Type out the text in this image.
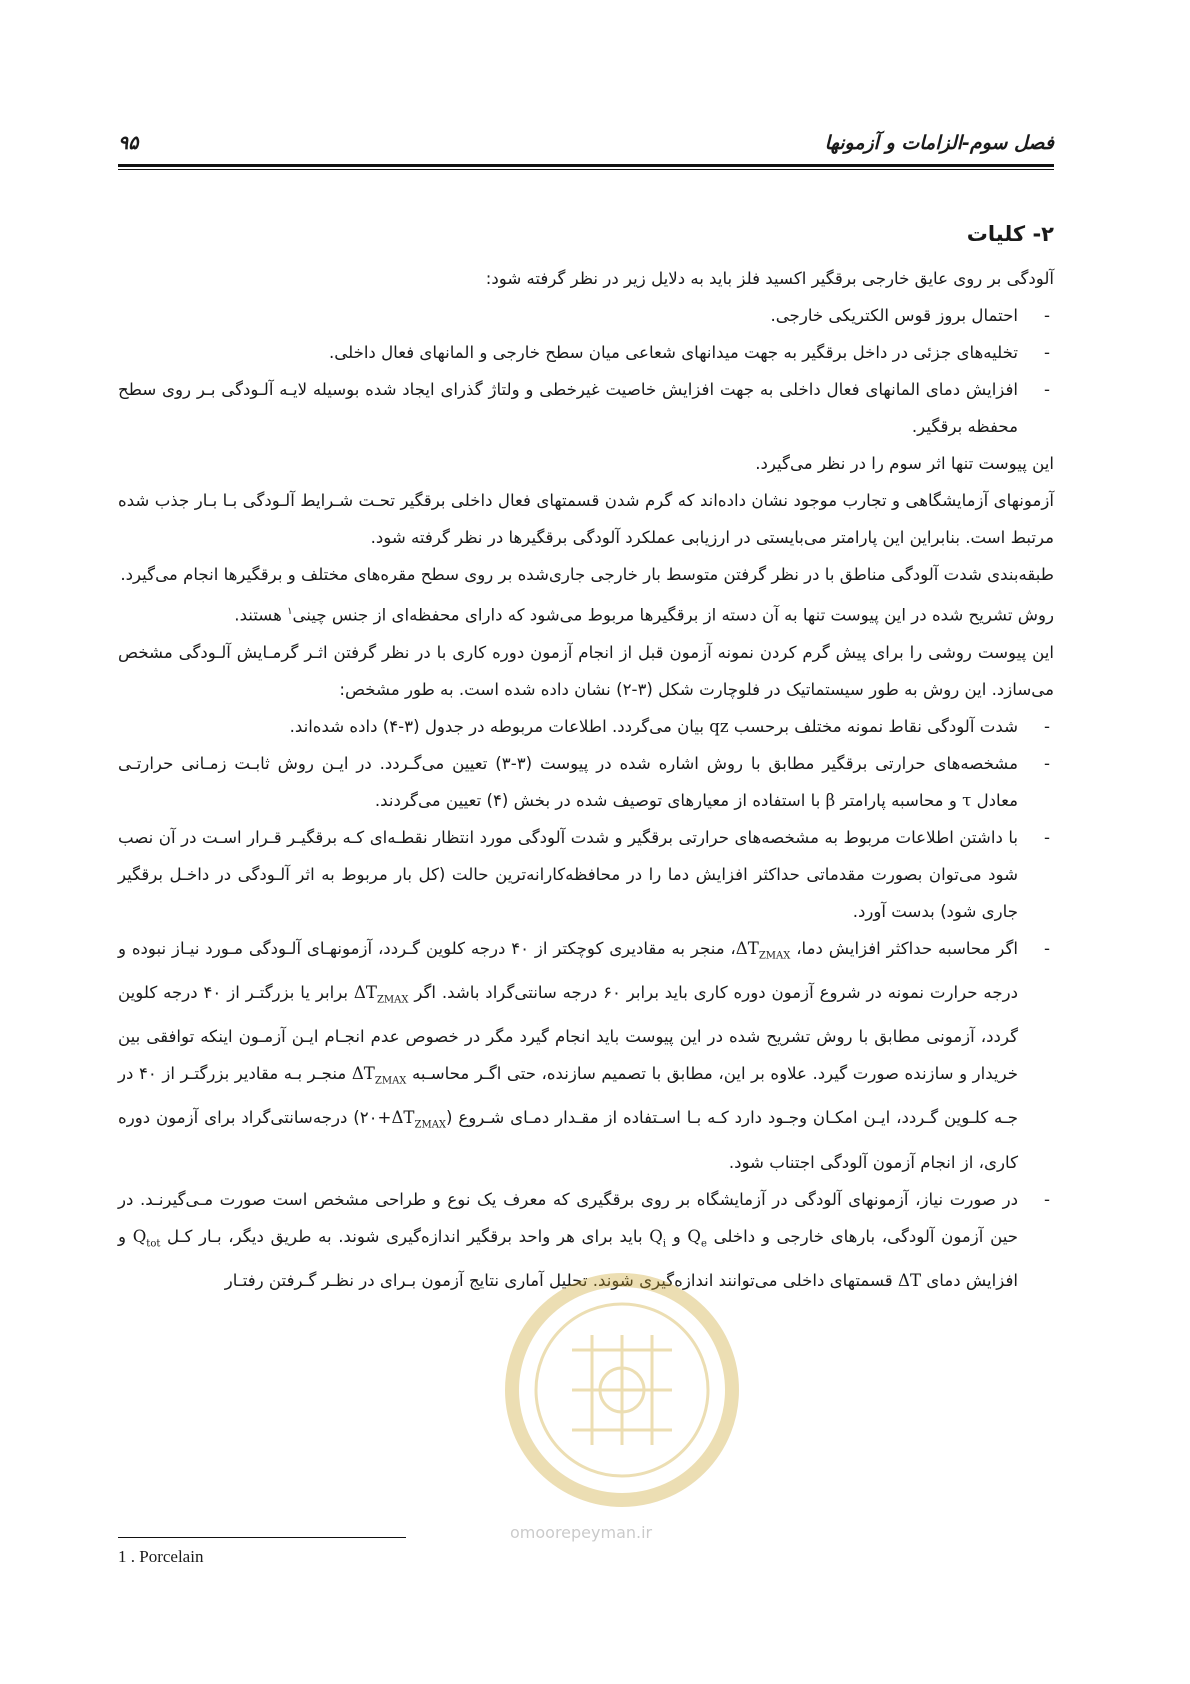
فصل سوم-الزامات و آزمونها
۹۵
۲- کلیات

آلودگی بر روی عایق خارجی برقگیر اکسید فلز باید به دلایل زیر در نظر گرفته شود:

-
احتمال بروز قوس الکتریکی خارجی.

-
تخلیه‌های جزئی در داخل برقگیر به جهت میدانهای شعاعی میان سطح خارجی و المانهای فعال داخلی.

-
افزایش دمای المانهای فعال داخلی به جهت افزایش خاصیت غیرخطی و ولتاژ گذرای ایجاد شده بوسیله لایـه آلـودگی بـر روی سطح محفظه برقگیر.

این پیوست تنها اثر سوم را در نظر می‌گیرد.

آزمونهای آزمایشگاهی و تجارب موجود نشان داده‌اند که گرم شدن قسمتهای فعال داخلی برقگیر تحـت شـرایط آلـودگی بـا بـار جذب شده مرتبط است. بنابراین این پارامتر می‌بایستی در ارزیابی عملکرد آلودگی برقگیرها در نظر گرفته شود.

طبقه‌بندی شدت آلودگی مناطق با در نظر گرفتن متوسط بار خارجی جاری‌شده بر روی سطح مقره‌های مختلف و برقگیرها انجام می‌گیرد.

روش تشریح شده در این پیوست تنها به آن دسته از برقگیرها مربوط می‌شود که دارای محفظه‌ای از جنس چینی$^۱$ هستند.

این پیوست روشی را برای پیش گرم کردن نمونه آزمون قبل از انجام آزمون دوره کاری با در نظر گرفتن اثـر گرمـایش آلـودگی مشخص می‌سازد. این روش به طور سیستماتیک در فلوچارت شکل (۳-۲) نشان داده شده است. به طور مشخص:

-
شدت آلودگی نقاط نمونه مختلف برحسب qz بیان می‌گردد. اطلاعات مربوطه در جدول (۳-۴) داده شده‌اند.

-
مشخصه‌های حرارتی برقگیر مطابق با روش اشاره شده در پیوست (۳-۳) تعیین می‌گـردد. در ایـن روش ثابـت زمـانی حرارتـی معادل τ و محاسبه پارامتر β با استفاده از معیارهای توصیف شده در بخش (۴) تعیین می‌گردند.

-
با داشتن اطلاعات مربوط به مشخصه‌های حرارتی برقگیر و شدت آلودگی مورد انتظار نقطـه‌ای کـه برقگیـر قـرار اسـت در آن نصب شود می‌توان بصورت مقدماتی حداکثر افزایش دما را در محافظه‌کارانه‌ترین حالت (کل بار مربوط به اثر آلـودگی در داخـل برقگیر جاری شود) بدست آورد.

-
اگر محاسبه حداکثر افزایش دما، $\Delta T_{ZMAX}،$ منجر به مقادیری کوچکتر از ۴۰ درجه کلوین گـردد، آزمونهـای آلـودگی مـورد نیـاز نبوده و درجه حرارت نمونه در شروع آزمون دوره کاری باید برابر ۶۰ درجه سانتی‌گراد باشد. اگر $\Delta T_{ZMAX}$ برابر یا بزرگتـر از ۴۰ درجه کلوین گردد، آزمونی مطابق با روش تشریح شده در این پیوست باید انجام گیرد مگر در خصوص عدم انجـام ایـن آزمـون اینکه توافقی بین خریدار و سازنده صورت گیرد. علاوه بر این، مطابق با تصمیم سازنده، حتی اگـر محاسـبه $\Delta T_{ZMAX}$ منجـر بـه مقادیر بزرگتـر از ۴۰ در جـه کلـوین گـردد، ایـن امکـان وجـود دارد کـه بـا اسـتفاده از مقـدار دمـای شـروع $(\Delta T_{ZMAX}+۲۰)$ درجه‌سانتی‌گراد برای آزمون دوره کاری، از انجام آزمون آلودگی اجتناب شود.

-
در صورت نیاز، آزمونهای آلودگی در آزمایشگاه بر روی برقگیری که معرف یک نوع و طراحی مشخص است صورت مـی‌گیرنـد. در حین آزمون آلودگی، بارهای خارجی و داخلی $Q_e$ و $Q_i$ باید برای هر واحد برقگیر اندازه‌گیری شوند. به طریق دیگر، بـار کـل $Q_{tot}$ و افزایش دمای ΔT قسمتهای داخلی می‌توانند اندازه‌گیری شوند. تحلیل آماری نتایج آزمون بـرای در نظـر گـرفتن رفتـار

omoorepeyman.ir
1 . Porcelain
